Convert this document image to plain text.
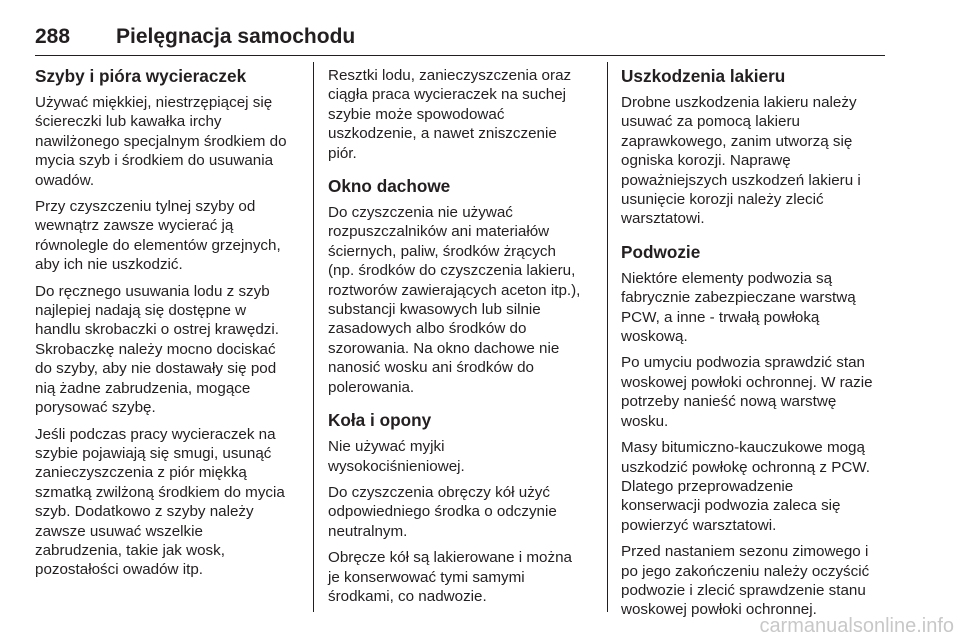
288 Pielęgnacja samochodu
Szyby i pióra wycieraczek

Używać miękkiej, niestrzępiącej się
ściereczki lub kawałka irchy
nawilżonego specjalnym środkiem do
mycia szyb i środkiem do usuwania
owadów.

Przy czyszczeniu tylnej szyby od
wewnątrz zawsze wycierać ją
równolegle do elementów grzejnych,
aby ich nie uszkodzić.

Do ręcznego usuwania lodu z szyb
najlepiej nadają się dostępne w
handlu skrobaczki o ostrej krawędzi.
Skrobaczkę należy mocno dociskać
do szyby, aby nie dostawały się pod
nią żadne zabrudzenia, mogące
porysować szybę.

Jeśli podczas pracy wycieraczek na
szybie pojawiają się smugi, usunąć
zanieczyszczenia z piór miękką
szmatką zwilżoną środkiem do mycia
szyb. Dodatkowo z szyby należy
zawsze usuwać wszelkie
zabrudzenia, takie jak wosk,
pozostałości owadów itp.

Resztki lodu, zanieczyszczenia oraz
ciągła praca wycieraczek na suchej
szybie może spowodować
uszkodzenie, a nawet zniszczenie
piór.

Okno dachowe

Do czyszczenia nie używać
rozpuszczalników ani materiałów
ściernych, paliw, środków żrących
(np. środków do czyszczenia lakieru,
roztworów zawierających aceton itp.),
substancji kwasowych lub silnie
zasadowych albo środków do
szorowania. Na okno dachowe nie
nanosić wosku ani środków do
polerowania.

Koła i opony

Nie używać myjki
wysokociśnieniowej.

Do czyszczenia obręczy kół użyć
odpowiedniego środka o odczynie
neutralnym.

Obręcze kół są lakierowane i można
je konserwować tymi samymi
środkami, co nadwozie.

Uszkodzenia lakieru

Drobne uszkodzenia lakieru należy
usuwać za pomocą lakieru
zaprawkowego, zanim utworzą się
ogniska korozji. Naprawę
poważniejszych uszkodzeń lakieru i
usunięcie korozji należy zlecić
warsztatowi.

Podwozie

Niektóre elementy podwozia są
fabrycznie zabezpieczane warstwą
PCW, a inne - trwałą powłoką
woskową.

Po umyciu podwozia sprawdzić stan
woskowej powłoki ochronnej. W razie
potrzeby nanieść nową warstwę
wosku.

Masy bitumiczno-kauczukowe mogą
uszkodzić powłokę ochronną z PCW.
Dlatego przeprowadzenie
konserwacji podwozia zaleca się
powierzyć warsztatowi.

Przed nastaniem sezonu zimowego i
po jego zakończeniu należy oczyścić
podwozie i zlecić sprawdzenie stanu
woskowej powłoki ochronnej.

carmanualsonline.info
